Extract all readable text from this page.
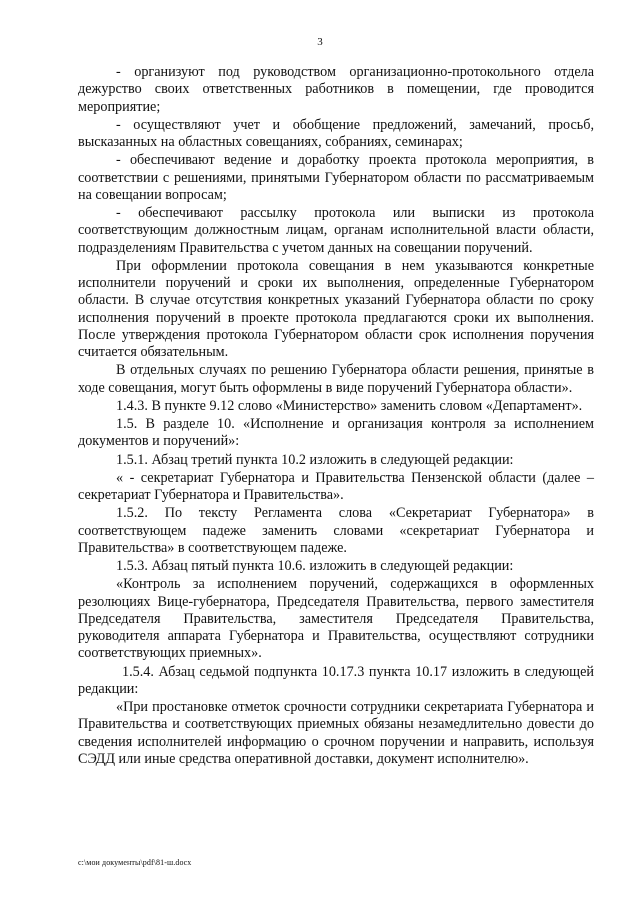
3

- организуют под руководством организационно-протокольного отдела дежурство своих ответственных работников в помещении, где проводится мероприятие;

- осуществляют учет и обобщение предложений, замечаний, просьб, высказанных на областных совещаниях, собраниях, семинарах;

- обеспечивают ведение и доработку проекта протокола мероприятия, в соответствии с решениями, принятыми Губернатором области по рассматриваемым на совещании вопросам;

- обеспечивают рассылку протокола или выписки из протокола соответствующим должностным лицам, органам исполнительной власти области, подразделениям Правительства с учетом данных на совещании поручений.

При оформлении протокола совещания в нем указываются конкретные исполнители поручений и сроки их выполнения, определенные Губернатором области. В случае отсутствия конкретных указаний Губернатора области по сроку исполнения поручений в проекте протокола предлагаются сроки их выполнения. После утверждения протокола Губернатором области срок исполнения поручения считается обязательным.

В отдельных случаях по решению Губернатора области решения, принятые в ходе совещания, могут быть оформлены в виде поручений Губернатора области».

1.4.3. В пункте 9.12 слово «Министерство» заменить словом «Департамент».

1.5. В разделе 10. «Исполнение и организация контроля за исполнением документов и поручений»:

1.5.1. Абзац третий пункта 10.2 изложить в следующей редакции:

« - секретариат Губернатора и Правительства Пензенской области (далее – секретариат Губернатора и Правительства».

1.5.2. По тексту Регламента слова «Секретариат Губернатора» в соответствующем падеже заменить словами «секретариат Губернатора и Правительства» в соответствующем падеже.

1.5.3. Абзац пятый пункта 10.6. изложить в следующей редакции:

«Контроль за исполнением поручений, содержащихся в оформленных резолюциях Вице-губернатора, Председателя Правительства, первого заместителя Председателя Правительства, заместителя Председателя Правительства, руководителя аппарата Губернатора и Правительства, осуществляют сотрудники соответствующих приемных».

1.5.4. Абзац седьмой подпункта 10.17.3 пункта 10.17 изложить в следующей редакции:

«При простановке отметок срочности сотрудники секретариата Губернатора и Правительства и соответствующих приемных обязаны незамедлительно довести до сведения исполнителей информацию о срочном поручении и направить, используя СЭДД или иные средства оперативной доставки, документ исполнителю».

c:\мои документы\pdf\81-ш.docx
